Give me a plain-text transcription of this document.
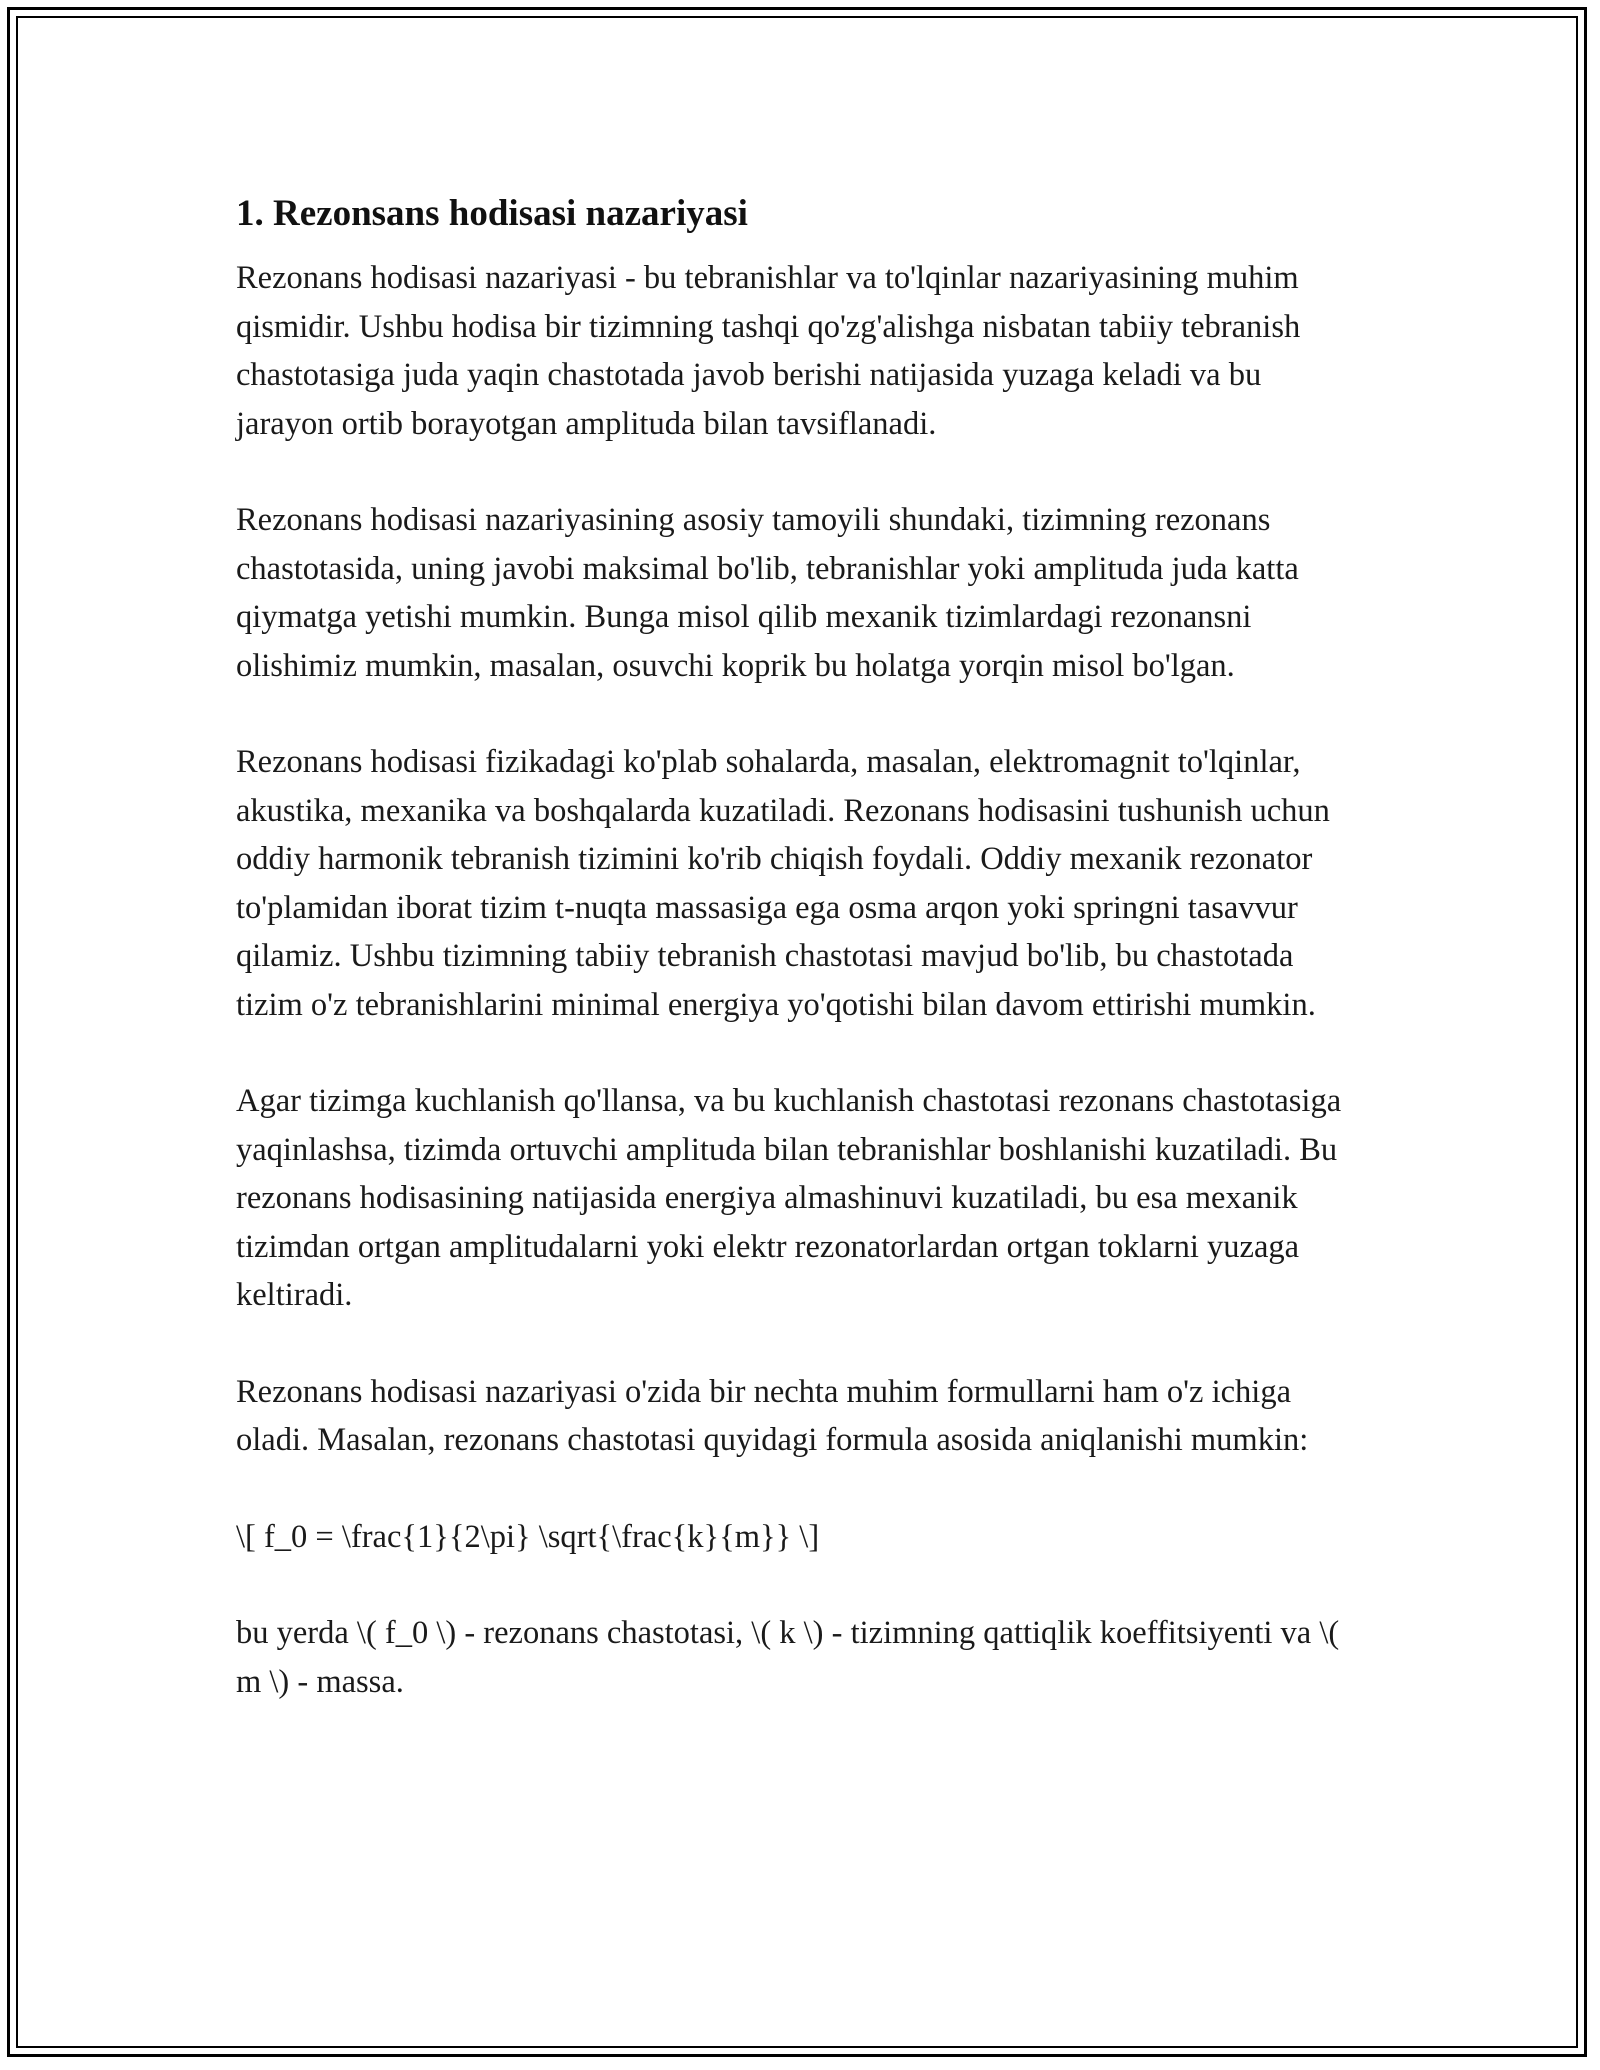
1. Rezonsans hodisasi nazariyasi

Rezonans hodisasi nazariyasi - bu tebranishlar va to'lqinlar nazariyasining muhim qismidir. Ushbu hodisa bir tizimning tashqi qo'zg'alishga nisbatan tabiiy tebranish chastotasiga juda yaqin chastotada javob berishi natijasida yuzaga keladi va bu jarayon ortib borayotgan amplituda bilan tavsiflanadi.

Rezonans hodisasi nazariyasining asosiy tamoyili shundaki, tizimning rezonans chastotasida, uning javobi maksimal bo'lib, tebranishlar yoki amplituda juda katta qiymatga yetishi mumkin. Bunga misol qilib mexanik tizimlardagi rezonansni olishimiz mumkin, masalan, osuvchi koprik bu holatga yorqin misol bo'lgan.

Rezonans hodisasi fizikadagi ko'plab sohalarda, masalan, elektromagnit to'lqinlar, akustika, mexanika va boshqalarda kuzatiladi. Rezonans hodisasini tushunish uchun oddiy harmonik tebranish tizimini ko'rib chiqish foydali. Oddiy mexanik rezonator to'plamidan iborat tizim t-nuqta massasiga ega osma arqon yoki springni tasavvur qilamiz. Ushbu tizimning tabiiy tebranish chastotasi mavjud bo'lib, bu chastotada tizim o'z tebranishlarini minimal energiya yo'qotishi bilan davom ettirishi mumkin.

Agar tizimga kuchlanish qo'llansa, va bu kuchlanish chastotasi rezonans chastotasiga yaqinlashsa, tizimda ortuvchi amplituda bilan tebranishlar boshlanishi kuzatiladi. Bu rezonans hodisasining natijasida energiya almashinuvi kuzatiladi, bu esa mexanik tizimdan ortgan amplitudalarni yoki elektr rezonatorlardan ortgan toklarni yuzaga keltiradi.

Rezonans hodisasi nazariyasi o'zida bir nechta muhim formullarni ham o'z ichiga oladi. Masalan, rezonans chastotasi quyidagi formula asosida aniqlanishi mumkin:

\[ f_0 = \frac{1}{2\pi} \sqrt{\frac{k}{m}} \]

bu yerda \( f_0 \) - rezonans chastotasi, \( k \) - tizimning qattiqlik koeffitsiyenti va \( m \) - massa.
